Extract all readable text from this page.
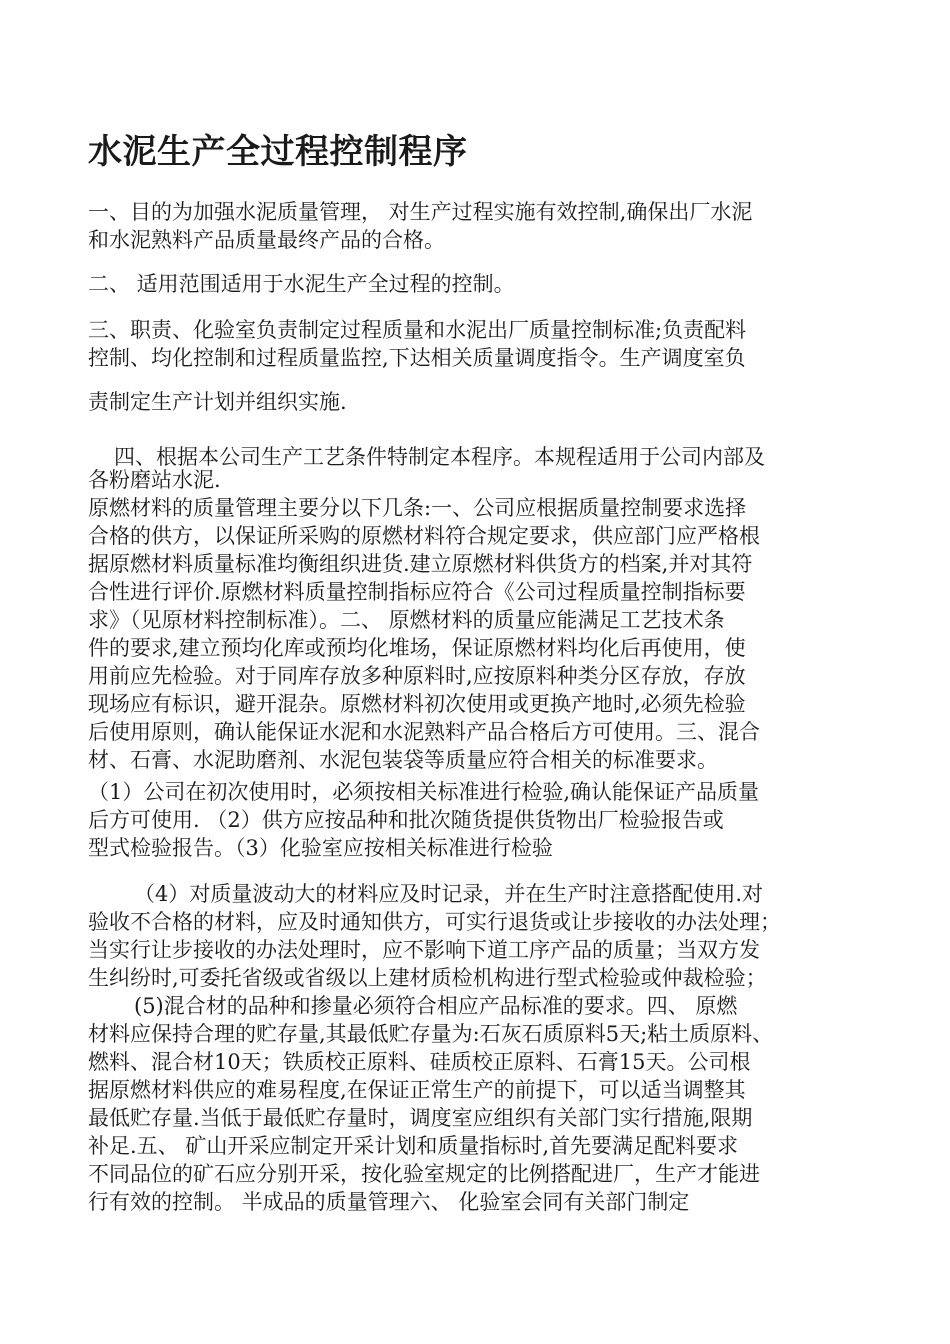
水泥生产全过程控制程序
一、目的为加强水泥质量管理， 对生产过程实施有效控制,确保出厂水泥
和水泥熟料产品质量最终产品的合格。
二、 适用范围适用于水泥生产全过程的控制。
三、职责、化验室负责制定过程质量和水泥出厂质量控制标准;负责配料
控制、均化控制和过程质量监控,下达相关质量调度指令。生产调度室负
责制定生产计划并组织实施.
四、根据本公司生产工艺条件特制定本程序。本规程适用于公司内部及
各粉磨站水泥.
原燃材料的质量管理主要分以下几条:一、公司应根据质量控制要求选择
合格的供方，以保证所采购的原燃材料符合规定要求，供应部门应严格根
据原燃材料质量标准均衡组织进货.建立原燃材料供货方的档案,并对其符
合性进行评价.原燃材料质量控制指标应符合《公司过程质量控制指标要
求》（见原材料控制标准）。二、 原燃材料的质量应能满足工艺技术条
件的要求,建立预均化库或预均化堆场，保证原燃材料均化后再使用，使
用前应先检验。对于同库存放多种原料时,应按原料种类分区存放，存放
现场应有标识，避开混杂。原燃材料初次使用或更换产地时,必须先检验
后使用原则，确认能保证水泥和水泥熟料产品合格后方可使用。三、混合
材、石膏、水泥助磨剂、水泥包装袋等质量应符合相关的标准要求。
（1）公司在初次使用时，必须按相关标准进行检验,确认能保证产品质量
后方可使用. （2）供方应按品种和批次随货提供货物出厂检验报告或
型式检验报告。（3）化验室应按相关标准进行检验
（4）对质量波动大的材料应及时记录，并在生产时注意搭配使用.对
验收不合格的材料，应及时通知供方，可实行退货或让步接收的办法处理；
当实行让步接收的办法处理时，应不影响下道工序产品的质量；当双方发
生纠纷时,可委托省级或省级以上建材质检机构进行型式检验或仲裁检验；
(5)混合材的品种和掺量必须符合相应产品标准的要求。四、 原燃
材料应保持合理的贮存量,其最低贮存量为:石灰石质原料5天;粘土质原料、
燃料、混合材10天；铁质校正原料、硅质校正原料、石膏15天。公司根
据原燃材料供应的难易程度,在保证正常生产的前提下，可以适当调整其
最低贮存量.当低于最低贮存量时，调度室应组织有关部门实行措施,限期
补足.五、 矿山开采应制定开采计划和质量指标时,首先要满足配料要求
不同品位的矿石应分别开采，按化验室规定的比例搭配进厂，生产才能进
行有效的控制。 半成品的质量管理六、 化验室会同有关部门制定
